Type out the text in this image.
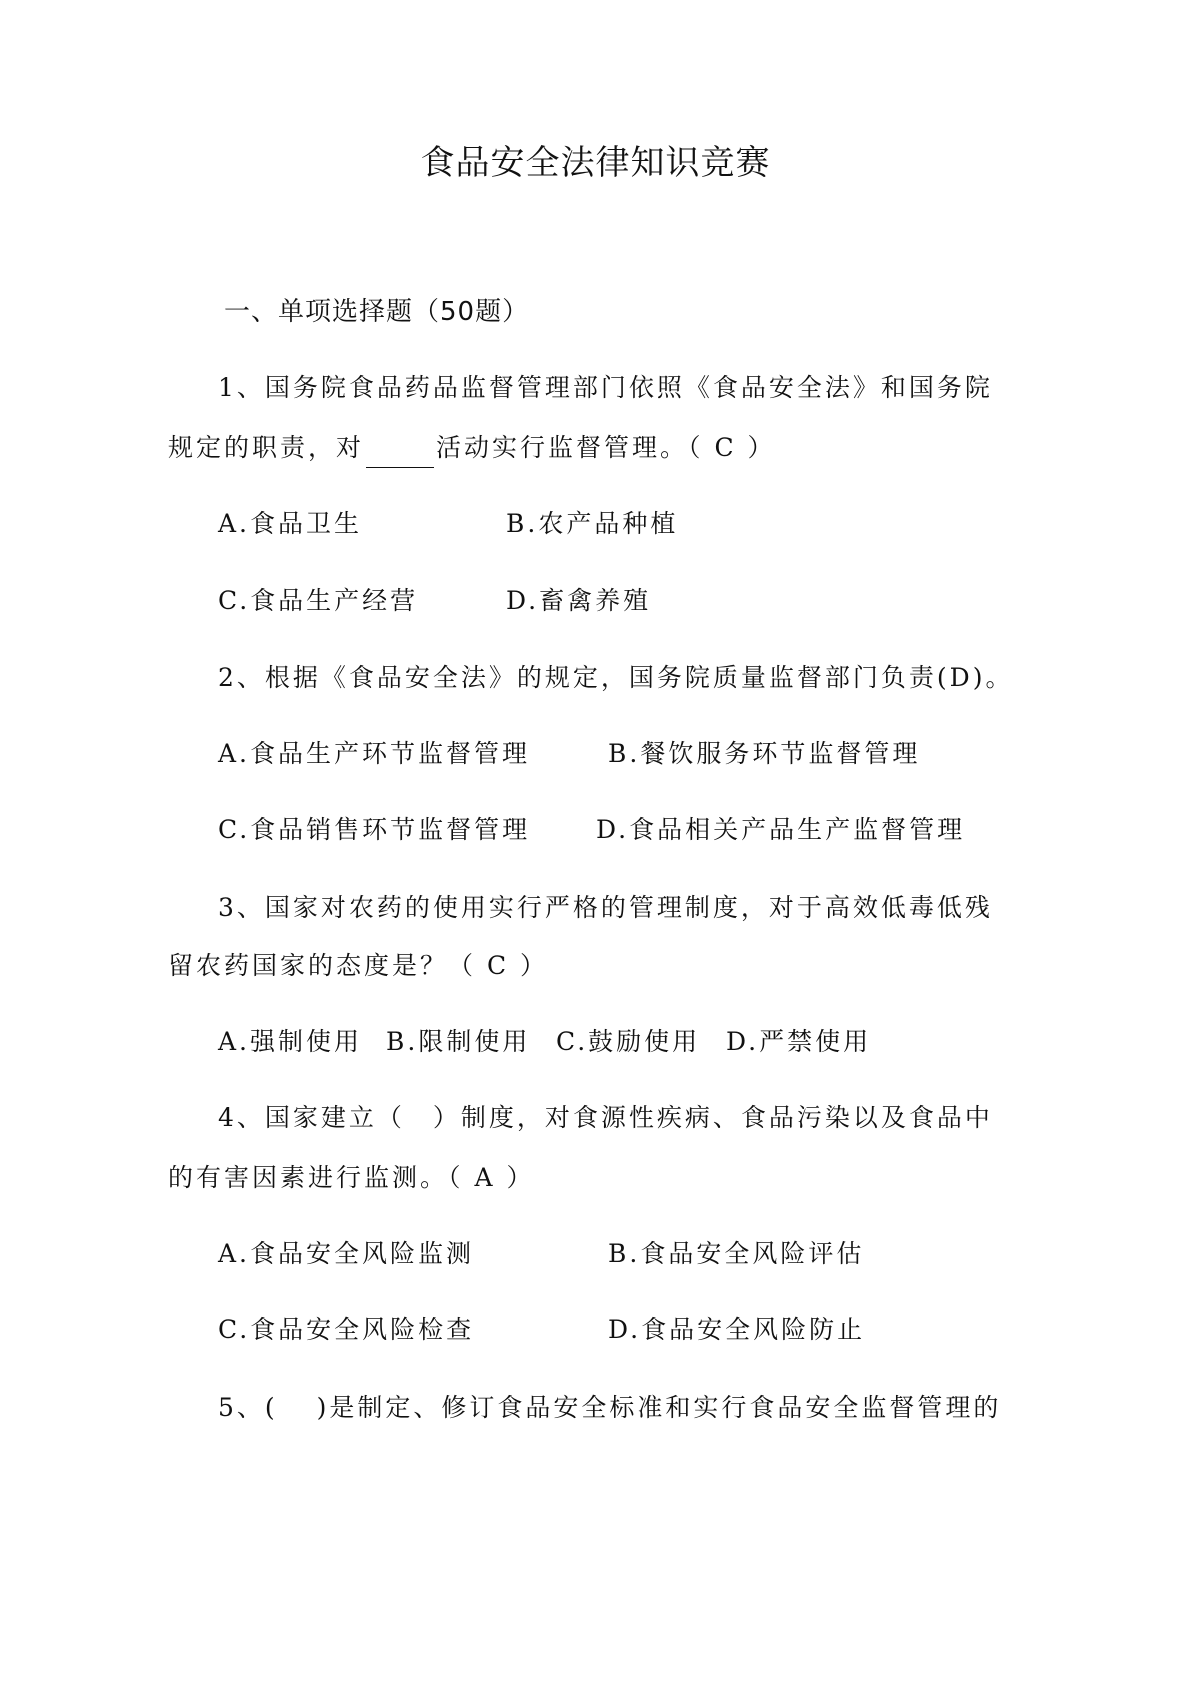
食品安全法律知识竞赛
一、单项选择题（50题）
1、国务院食品药品监督管理部门依照《食品安全法》和国务院
规定的职责，对	活动实行监督管理。（ C ）
A.食品卫生	B.农产品种植
C.食品生产经营	D.畜禽养殖
2、根据《食品安全法》的规定，国务院质量监督部门负责(D)。
A.食品生产环节监督管理	B.餐饮服务环节监督管理
C.食品销售环节监督管理	D.食品相关产品生产监督管理
3、国家对农药的使用实行严格的管理制度，对于高效低毒低残
留农药国家的态度是？（ C ）
A.强制使用 B.限制使用 C.鼓励使用 D.严禁使用
4、国家建立（　）制度，对食源性疾病、食品污染以及食品中
的有害因素进行监测。（ A ）
A.食品安全风险监测	B.食品安全风险评估
C.食品安全风险检查	D.食品安全风险防止
5、(　 )是制定、修订食品安全标准和实行食品安全监督管理的
